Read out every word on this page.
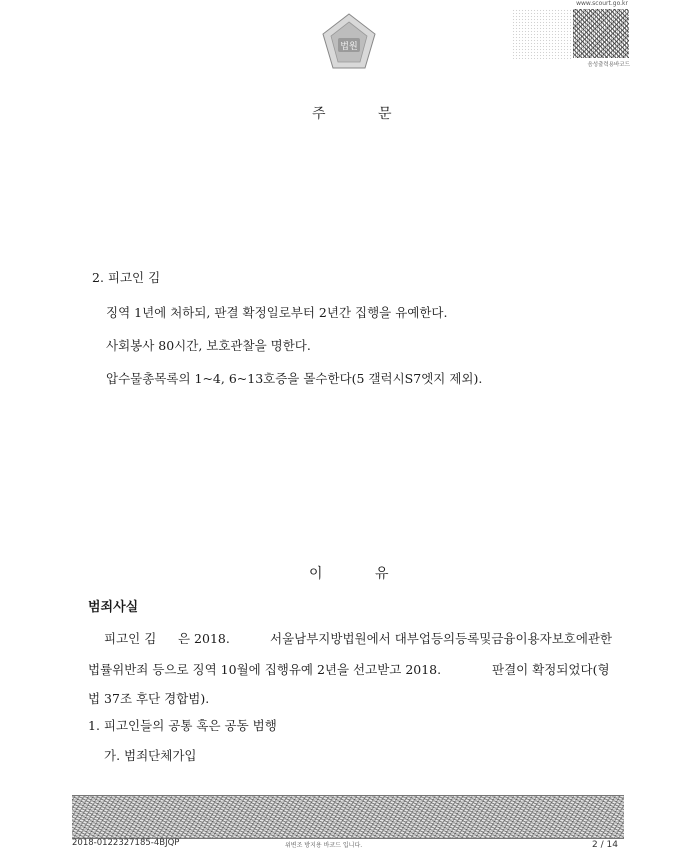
법원
www.scourt.go.kr
음성출력용바코드
주 문
2. 피고인 김
징역 1년에 처하되, 판결 확정일로부터 2년간 집행을 유예한다.
사회봉사 80시간, 보호관찰을 명한다.
압수물총목록의 1~4, 6~13호증을 몰수한다(5 갤럭시S7엣지 제외).
이 유
범죄사실
피고인 김 은 2018.	서울남부지방법원에서 대부업등의등록및금융이용자보호에관한
법률위반죄 등으로 징역 10월에 집행유예 2년을 선고받고 2018.	판결이 확정되었다(형
법 37조 후단 경합범).
1. 피고인들의 공통 혹은 공동 범행
가. 범죄단체가입
2018-0122327185-4BJQP	위변조 방지용 바코드 입니다.	2 / 14
